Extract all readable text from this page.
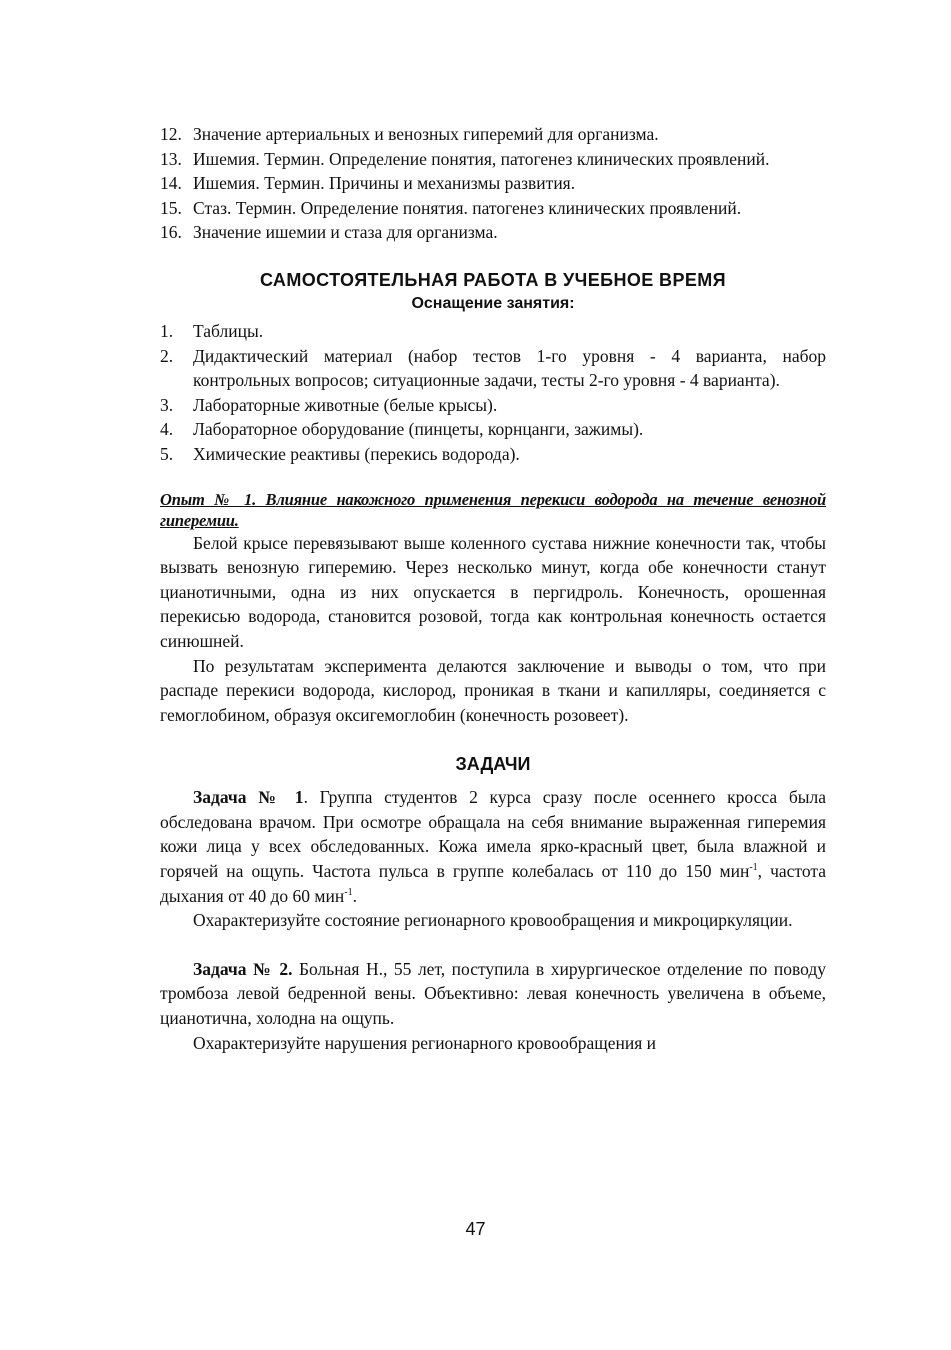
12. Значение артериальных и венозных гиперемий для организма.
13. Ишемия. Термин. Определение понятия, патогенез клинических проявлений.
14. Ишемия. Термин. Причины и механизмы развития.
15. Стаз. Термин. Определение понятия. патогенез клинических проявлений.
16. Значение ишемии и стаза для организма.
САМОСТОЯТЕЛЬНАЯ РАБОТА В УЧЕБНОЕ ВРЕМЯ
Оснащение занятия:
1.	Таблицы.
2.	Дидактический материал (набор тестов 1-го уровня - 4 варианта, набор контрольных вопросов; ситуационные задачи, тесты 2-го уровня - 4 варианта).
3.	Лабораторные животные (белые крысы).
4.	Лабораторное оборудование (пинцеты, корнцанги, зажимы).
5.	Химические реактивы (перекись водорода).
Опыт № 1. Влияние накожного применения перекиси водорода на течение венозной гиперемии.

Белой крысе перевязывают выше коленного сустава нижние конечности так, чтобы вызвать венозную гиперемию. Через несколько минут, когда обе конечности станут цианотичными, одна из них опускается в пергидроль. Конечность, орошенная перекисью водорода, становится розовой, тогда как контрольная конечность остается синюшней.

По результатам эксперимента делаются заключение и выводы о том, что при распаде перекиси водорода, кислород, проникая в ткани и капилляры, соединяется с гемоглобином, образуя оксигемоглобин (конечность розовеет).

ЗАДАЧИ

Задача № 1. Группа студентов 2 курса сразу после осеннего кросса была обследована врачом. При осмотре обращала на себя внимание выраженная гиперемия кожи лица у всех обследованных. Кожа имела ярко-красный цвет, была влажной и горячей на ощупь. Частота пульса в группе колебалась от 110 до 150 мин$^{-1}$, частота дыхания от 40 до 60 мин$^{-1}$.

Охарактеризуйте состояние регионарного кровообращения и микроциркуляции.

Задача № 2. Больная Н., 55 лет, поступила в хирургическое отделение по поводу тромбоза левой бедренной вены. Объективно: левая конечность увеличена в объеме, цианотична, холодна на ощупь.

Охарактеризуйте нарушения регионарного кровообращения и

47
